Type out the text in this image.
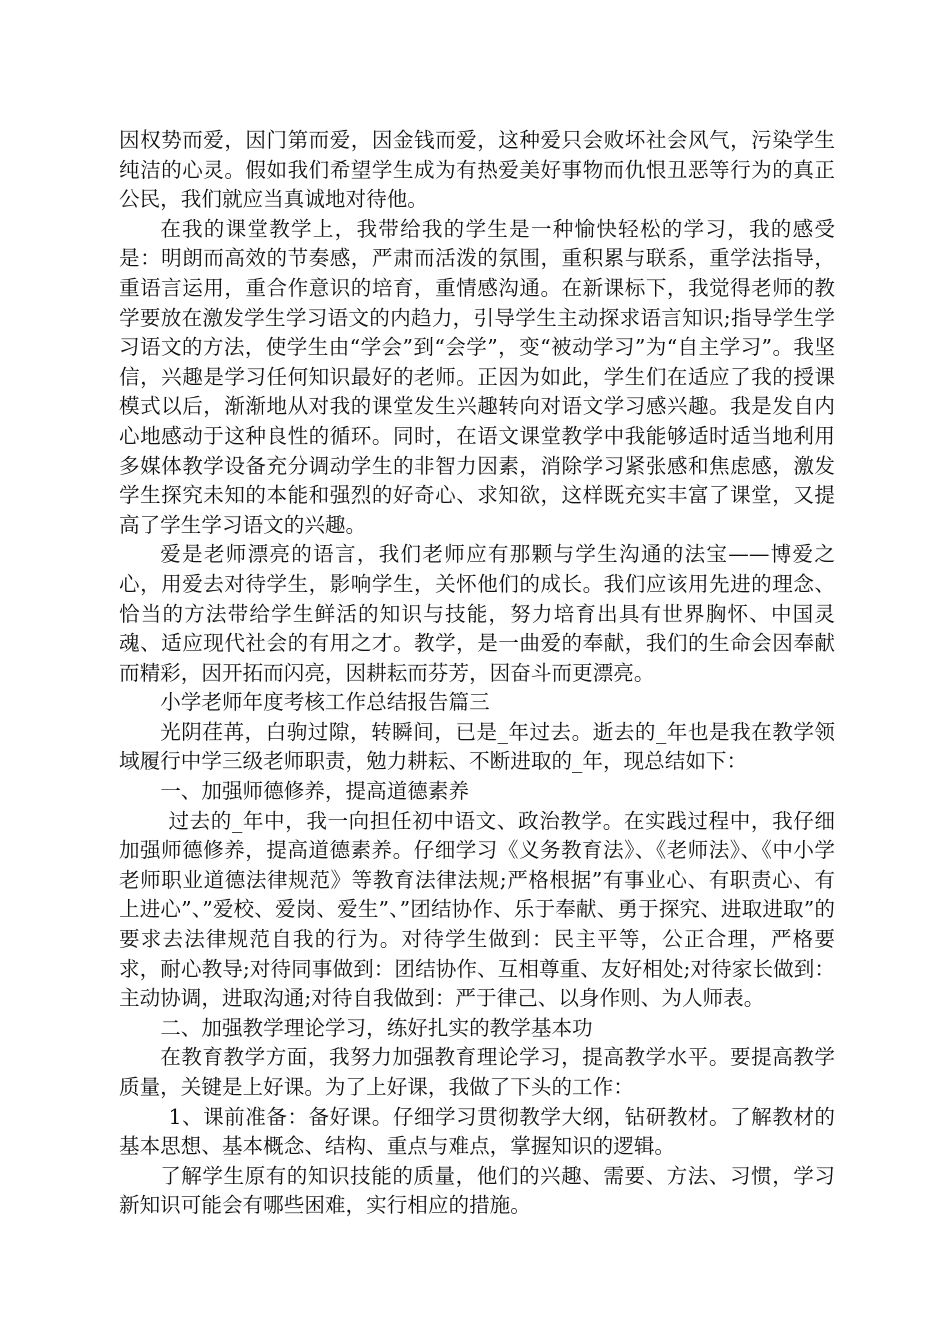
因权势而爱，因门第而爱，因金钱而爱，这种爱只会败坏社会风气，污染学生纯洁的心灵。假如我们希望学生成为有热爱美好事物而仇恨丑恶等行为的真正公民，我们就应当真诚地对待他。

在我的课堂教学上，我带给我的学生是一种愉快轻松的学习，我的感受是：明朗而高效的节奏感，严肃而活泼的氛围，重积累与联系，重学法指导，重语言运用，重合作意识的培育，重情感沟通。在新课标下，我觉得老师的教学要放在激发学生学习语文的内趋力，引导学生主动探求语言知识;指导学生学习语文的方法，使学生由“学会”到“会学”，变“被动学习”为“自主学习”。我坚信，兴趣是学习任何知识最好的老师。正因为如此，学生们在适应了我的授课模式以后，渐渐地从对我的课堂发生兴趣转向对语文学习感兴趣。我是发自内心地感动于这种良性的循环。同时，在语文课堂教学中我能够适时适当地利用多媒体教学设备充分调动学生的非智力因素，消除学习紧张感和焦虑感，激发学生探究未知的本能和强烈的好奇心、求知欲，这样既充实丰富了课堂，又提高了学生学习语文的兴趣。

爱是老师漂亮的语言，我们老师应有那颗与学生沟通的法宝——博爱之心，用爱去对待学生，影响学生，关怀他们的成长。我们应该用先进的理念、恰当的方法带给学生鲜活的知识与技能，努力培育出具有世界胸怀、中国灵魂、适应现代社会的有用之才。教学，是一曲爱的奉献，我们的生命会因奉献而精彩，因开拓而闪亮，因耕耘而芬芳，因奋斗而更漂亮。

小学老师年度考核工作总结报告篇三

光阴荏苒，白驹过隙，转瞬间，已是_年过去。逝去的_年也是我在教学领域履行中学三级老师职责，勉力耕耘、不断进取的_年，现总结如下：

一、加强师德修养，提高道德素养

过去的_年中，我一向担任初中语文、政治教学。在实践过程中，我仔细加强师德修养，提高道德素养。仔细学习《义务教育法》、《老师法》、《中小学老师职业道德法律规范》等教育法律法规;严格根据”有事业心、有职责心、有上进心”、”爱校、爱岗、爱生”、”团结协作、乐于奉献、勇于探究、进取进取”的要求去法律规范自我的行为。对待学生做到：民主平等，公正合理，严格要求，耐心教导;对待同事做到：团结协作、互相尊重、友好相处;对待家长做到：主动协调，进取沟通;对待自我做到：严于律己、以身作则、为人师表。

二、加强教学理论学习，练好扎实的教学基本功

在教育教学方面，我努力加强教育理论学习，提高教学水平。要提高教学质量，关键是上好课。为了上好课，我做了下头的工作：

1、课前准备：备好课。仔细学习贯彻教学大纲，钻研教材。了解教材的基本思想、基本概念、结构、重点与难点，掌握知识的逻辑。

了解学生原有的知识技能的质量，他们的兴趣、需要、方法、习惯，学习新知识可能会有哪些困难，实行相应的措施。
